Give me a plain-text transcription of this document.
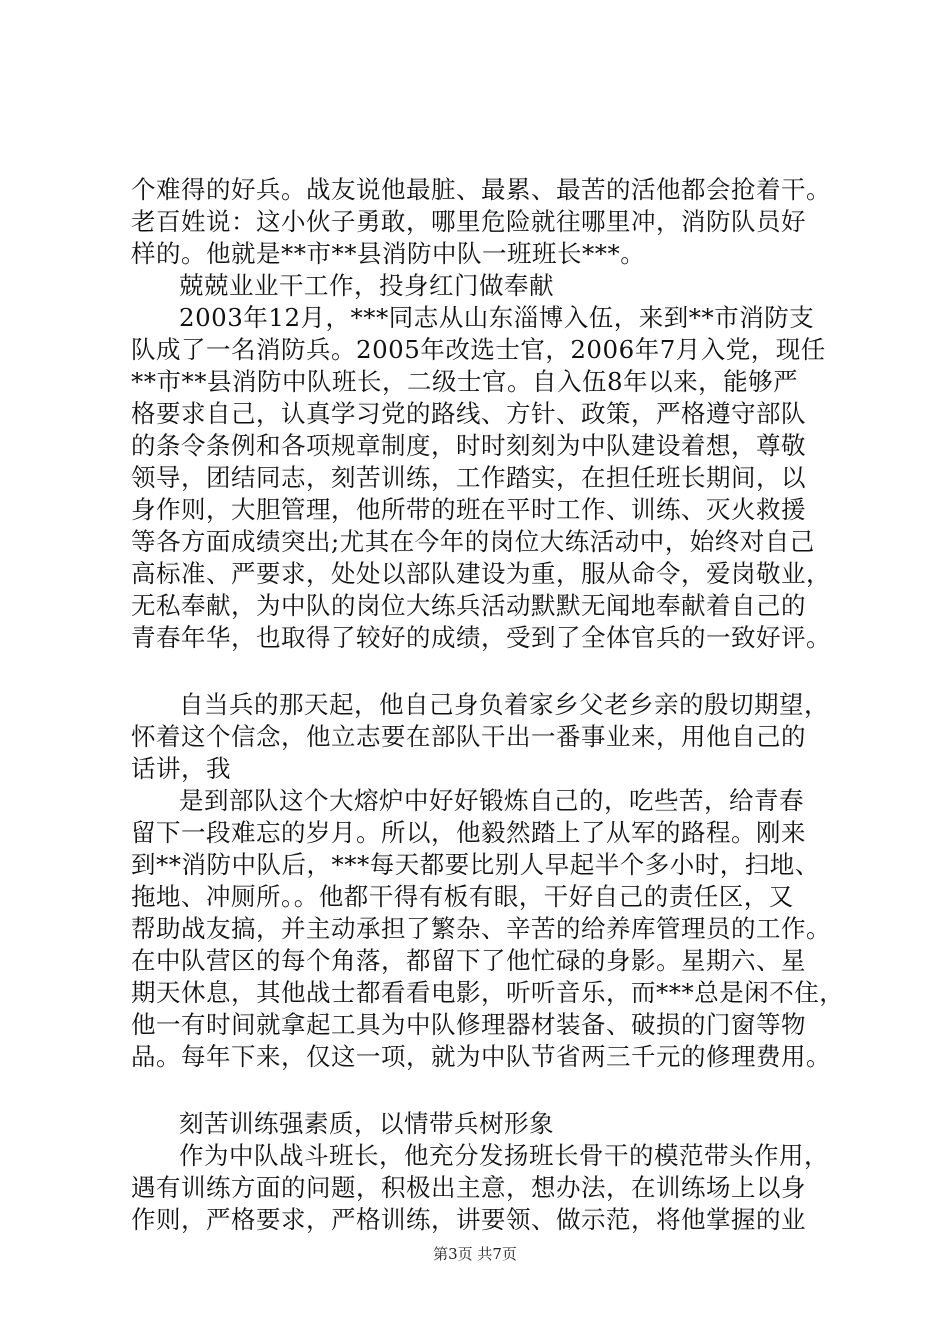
个难得的好兵。战友说他最脏、最累、最苦的活他都会抢着干。
老百姓说：这小伙子勇敢，哪里危险就往哪里冲，消防队员好
样的。他就是**市**县消防中队一班班长***。
兢兢业业干工作，投身红门做奉献
2003年12月，***同志从山东淄博入伍，来到**市消防支
队成了一名消防兵。2005年改选士官，2006年7月入党，现任
**市**县消防中队班长，二级士官。自入伍8年以来，能够严
格要求自己，认真学习党的路线、方针、政策，严格遵守部队
的条令条例和各项规章制度，时时刻刻为中队建设着想，尊敬
领导，团结同志，刻苦训练，工作踏实，在担任班长期间，以
身作则，大胆管理，他所带的班在平时工作、训练、灭火救援
等各方面成绩突出;尤其在今年的岗位大练活动中，始终对自己
高标准、严要求，处处以部队建设为重，服从命令，爱岗敬业，
无私奉献，为中队的岗位大练兵活动默默无闻地奉献着自己的
青春年华，也取得了较好的成绩，受到了全体官兵的一致好评。
自当兵的那天起，他自己身负着家乡父老乡亲的殷切期望，
怀着这个信念，他立志要在部队干出一番事业来，用他自己的
话讲，我
是到部队这个大熔炉中好好锻炼自己的，吃些苦，给青春
留下一段难忘的岁月。所以，他毅然踏上了从军的路程。刚来
到**消防中队后，***每天都要比别人早起半个多小时，扫地、
拖地、冲厕所。。他都干得有板有眼，干好自己的责任区，又
帮助战友搞，并主动承担了繁杂、辛苦的给养库管理员的工作。
在中队营区的每个角落，都留下了他忙碌的身影。星期六、星
期天休息，其他战士都看看电影，听听音乐，而***总是闲不住，
他一有时间就拿起工具为中队修理器材装备、破损的门窗等物
品。每年下来，仅这一项，就为中队节省两三千元的修理费用。
刻苦训练强素质，以情带兵树形象
作为中队战斗班长，他充分发扬班长骨干的模范带头作用，
遇有训练方面的问题，积极出主意，想办法，在训练场上以身
作则，严格要求，严格训练，讲要领、做示范，将他掌握的业
第3页 共7页
